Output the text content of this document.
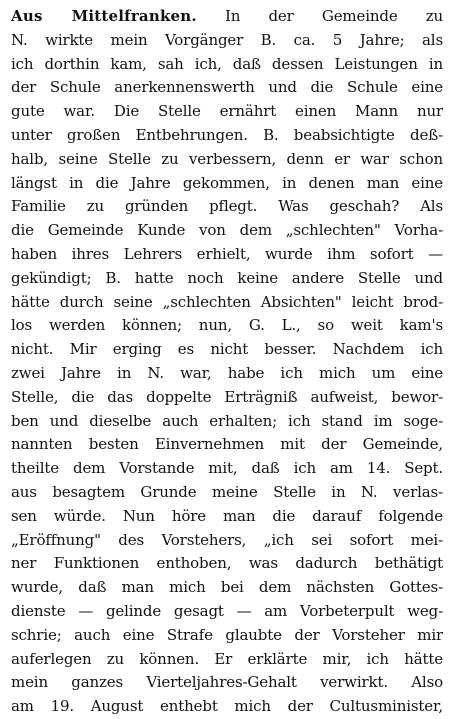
Aus Mittelfranken. In der Gemeinde zu
N. wirkte mein Vorgänger B. ca. 5 Jahre; als
ich dorthin kam, sah ich, daß dessen Leistungen in
der Schule anerkennenswerth und die Schule eine
gute war. Die Stelle ernährt einen Mann nur
unter großen Entbehrungen. B. beabsichtigte deß-
halb, seine Stelle zu verbessern, denn er war schon
längst in die Jahre gekommen, in denen man eine
Familie zu gründen pflegt. Was geschah? Als
die Gemeinde Kunde von dem „schlechten" Vorha-
haben ihres Lehrers erhielt, wurde ihm sofort —
gekündigt; B. hatte noch keine andere Stelle und
hätte durch seine „schlechten Absichten" leicht brod-
los werden können; nun, G. L., so weit kam's
nicht. Mir erging es nicht besser. Nachdem ich
zwei Jahre in N. war, habe ich mich um eine
Stelle, die das doppelte Erträgniß aufweist, bewor-
ben und dieselbe auch erhalten; ich stand im soge-
nannten besten Einvernehmen mit der Gemeinde,
theilte dem Vorstande mit, daß ich am 14. Sept.
aus besagtem Grunde meine Stelle in N. verlas-
sen würde. Nun höre man die darauf folgende
„Eröffnung" des Vorstehers, „ich sei sofort mei-
ner Funktionen enthoben, was dadurch bethätigt
wurde, daß man mich bei dem nächsten Gottes-
dienste — gelinde gesagt — am Vorbeterpult weg-
schrie; auch eine Strafe glaubte der Vorsteher mir
auferlegen zu können. Er erklärte mir, ich hätte
mein ganzes Vierteljahres-Gehalt verwirkt. Also
am 19. August enthebt mich der Cultusminister,
